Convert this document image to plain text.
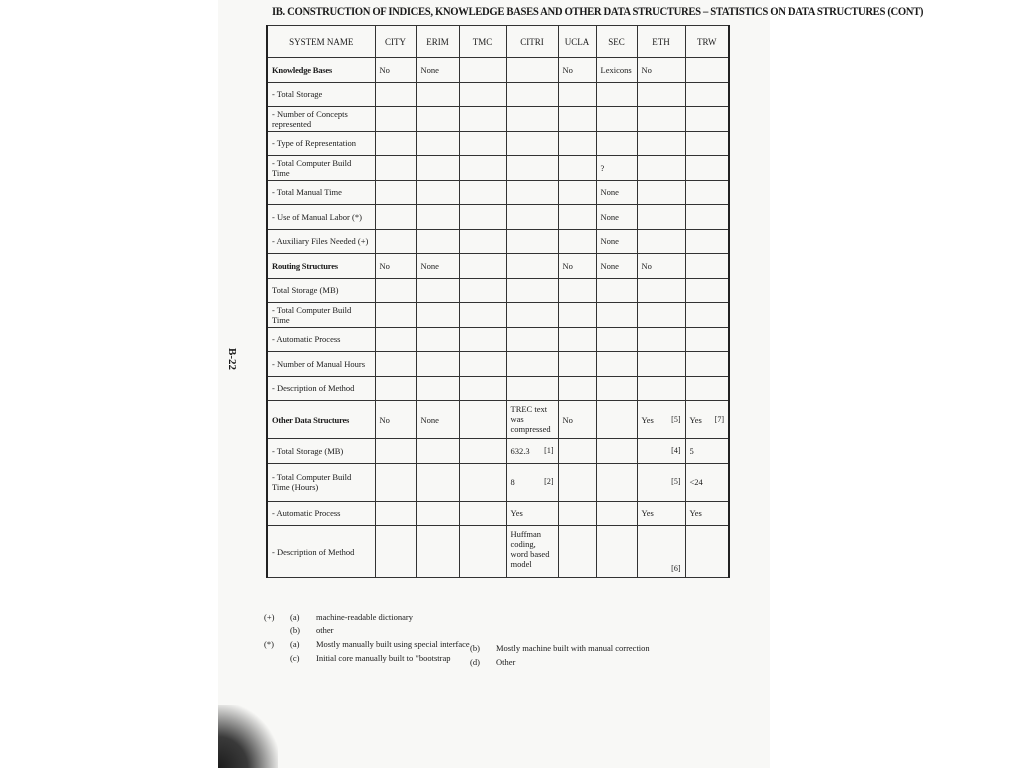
IB. CONSTRUCTION OF INDICES, KNOWLEDGE BASES AND OTHER DATA STRUCTURES – STATISTICS ON DATA STRUCTURES (CONT)
B-22
SYSTEM NAME	CITY	ERIM	TMC	CITRI	UCLA	SEC	ETH	TRW
Knowledge Bases	No	None			No	Lexicons	No	
- Total Storage								
- Number of Concepts represented								
- Type of Representation								
- Total Computer Build Time						?		
- Total Manual Time						None		
- Use of Manual Labor (*)						None		
- Auxiliary Files Needed (+)						None		
Routing Structures	No	None			No	None	No	
Total Storage (MB)								
- Total Computer Build Time								
- Automatic Process								
- Number of Manual Hours								
- Description of Method								
Other Data Structures	No	None		TREC text was compressed	No		Yes [5]	Yes [7]

- Total Storage (MB)				632.3 [1]			[4]	5
- Total Computer Build Time (Hours)				8 [2]			[5]	<24
- Automatic Process				Yes			Yes	Yes
- Description of Method				Huffman coding, word based model			[6]	

(+) (a) machine-readable dictionary
(b) other
(*) (a) Mostly manually built using special interface (b) Mostly machine built with manual correction
(c) Initial core manually built to "bootstrap (d) Other
